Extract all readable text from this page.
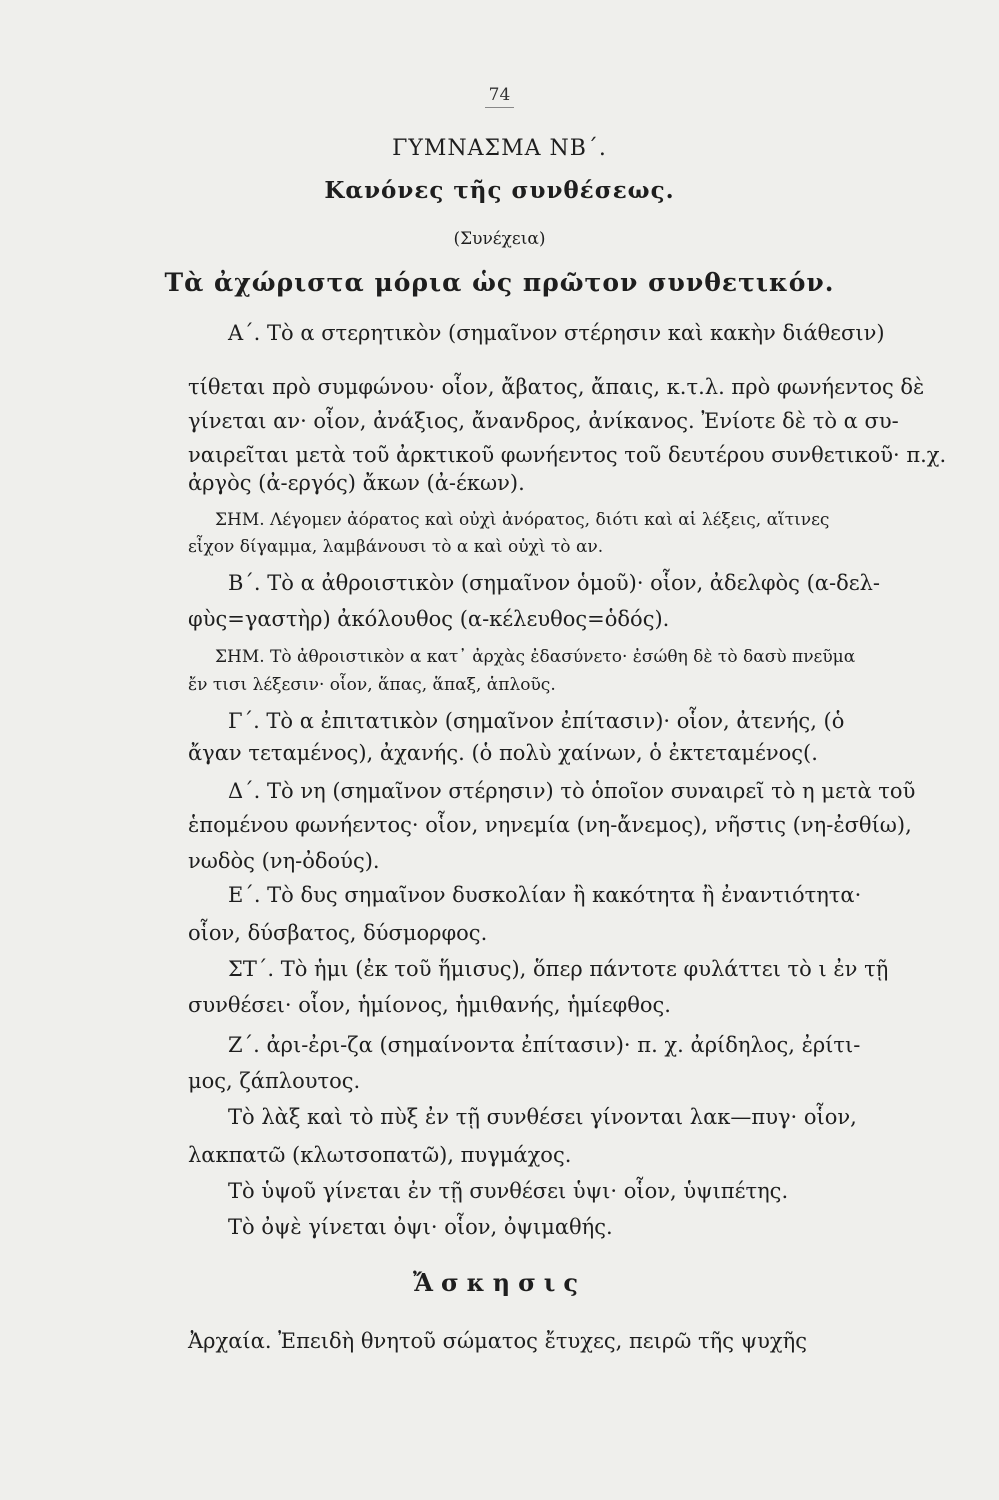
74
ΓΥΜΝΑΣΜΑ ΝΒ΄.
Κανόνες τῆς συνθέσεως.
(Συνέχεια)
Τὰ ἀχώριστα μόρια ὡς πρῶτον συνθετικόν.
Α΄. Τὸ α στερητικὸν (σημαῖνον στέρησιν καὶ κακὴν διάθεσιν)
τίθεται πρὸ συμφώνου· οἷον, ἄβατος, ἄπαις, κ.τ.λ. πρὸ φωνήεντος δὲ
γίνεται αν· οἷον, ἀνάξιος, ἄνανδρος, ἀνίκανος. Ἐνίοτε δὲ τὸ α συ-
ναιρεῖται μετὰ τοῦ ἀρκτικοῦ φωνήεντος τοῦ δευτέρου συνθετικοῦ· π.χ.
ἀργὸς (ἀ-εργός) ἄκων (ἀ-έκων).
ΣΗΜ. Λέγομεν ἀόρατος καὶ οὐχὶ ἀνόρατος, διότι καὶ αἱ λέξεις, αἵτινες
εἶχον δίγαμμα, λαμβάνουσι τὸ α καὶ οὐχὶ τὸ αν.
Β΄. Τὸ α ἀθροιστικὸν (σημαῖνον ὁμοῦ)· οἷον, ἀδελφὸς (α-δελ-
φὺς=γαστὴρ) ἀκόλουθος (α-κέλευθος=ὁδός).
ΣΗΜ. Τὸ ἀθροιστικὸν α κατ᾽ ἀρχὰς ἐδασύνετο· ἐσώθη δὲ τὸ δασὺ πνεῦμα
ἔν τισι λέξεσιν· οἷον, ἅπας, ἅπαξ, ἁπλοῦς.
Γ΄. Τὸ α ἐπιτατικὸν (σημαῖνον ἐπίτασιν)· οἷον, ἀτενής, (ὁ
ἄγαν τεταμένος), ἀχανής. (ὁ πολὺ χαίνων, ὁ ἐκτεταμένος(.
Δ΄. Τὸ νη (σημαῖνον στέρησιν) τὸ ὁποῖον συναιρεῖ τὸ η μετὰ τοῦ
ἑπομένου φωνήεντος· οἷον, νηνεμία (νη-ἄνεμος), νῆστις (νη-ἐσθίω),
νωδὸς (νη-ὀδούς).
Ε΄. Τὸ δυς σημαῖνον δυσκολίαν ἢ κακότητα ἢ ἐναντιότητα·
οἷον, δύσβατος, δύσμορφος.
ΣΤ΄. Τὸ ἡμι (ἐκ τοῦ ἥμισυς), ὅπερ πάντοτε φυλάττει τὸ ι ἐν τῇ
συνθέσει· οἷον, ἡμίονος, ἡμιθανής, ἡμίεφθος.
Ζ΄. ἀρι-ἐρι-ζα (σημαίνοντα ἐπίτασιν)· π. χ. ἀρίδηλος, ἐρίτι-
μος, ζάπλουτος.
Τὸ λὰξ καὶ τὸ πὺξ ἐν τῇ συνθέσει γίνονται λακ—πυγ· οἷον,
λακπατῶ (κλωτσοπατῶ), πυγμάχος.
Τὸ ὑψοῦ γίνεται ἐν τῇ συνθέσει ὑψι· οἷον, ὑψιπέτης.
Τὸ ὀψὲ γίνεται ὀψι· οἷον, ὀψιμαθής.
Ἄσκησις
Ἀρχαία. Ἐπειδὴ θνητοῦ σώματος ἔτυχες, πειρῶ τῆς ψυχῆς
